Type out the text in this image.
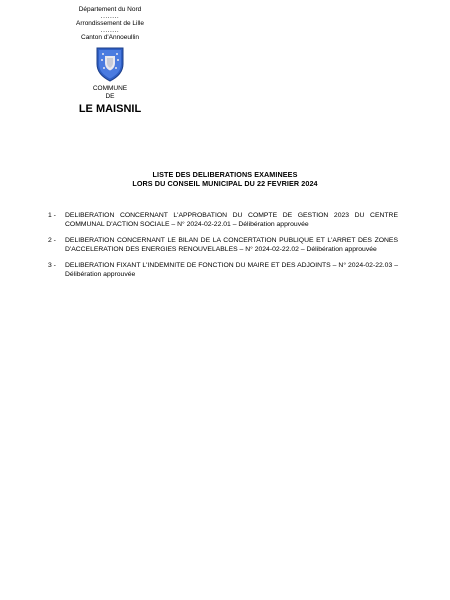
Département du Nord
........
Arrondissement de Lille
........
Canton d'Annoeullin
COMMUNE
DE
LE MAISNIL
LISTE DES DELIBERATIONS EXAMINEES
LORS DU CONSEIL MUNICIPAL DU 22 FEVRIER 2024
1 -	DELIBERATION CONCERNANT L'APPROBATION DU COMPTE DE GESTION 2023 DU CENTRE COMMUNAL D'ACTION SOCIALE – N° 2024-02-22.01 – Délibération approuvée
2 -	DELIBERATION CONCERNANT LE BILAN DE LA CONCERTATION PUBLIQUE ET L'ARRET DES ZONES D'ACCELERATION DES ENERGIES RENOUVELABLES – N° 2024-02-22.02 – Délibération approuvée
3 -	DELIBERATION FIXANT L'INDEMNITE DE FONCTION DU MAIRE ET DES ADJOINTS – N° 2024-02-22.03 – Délibération approuvée
